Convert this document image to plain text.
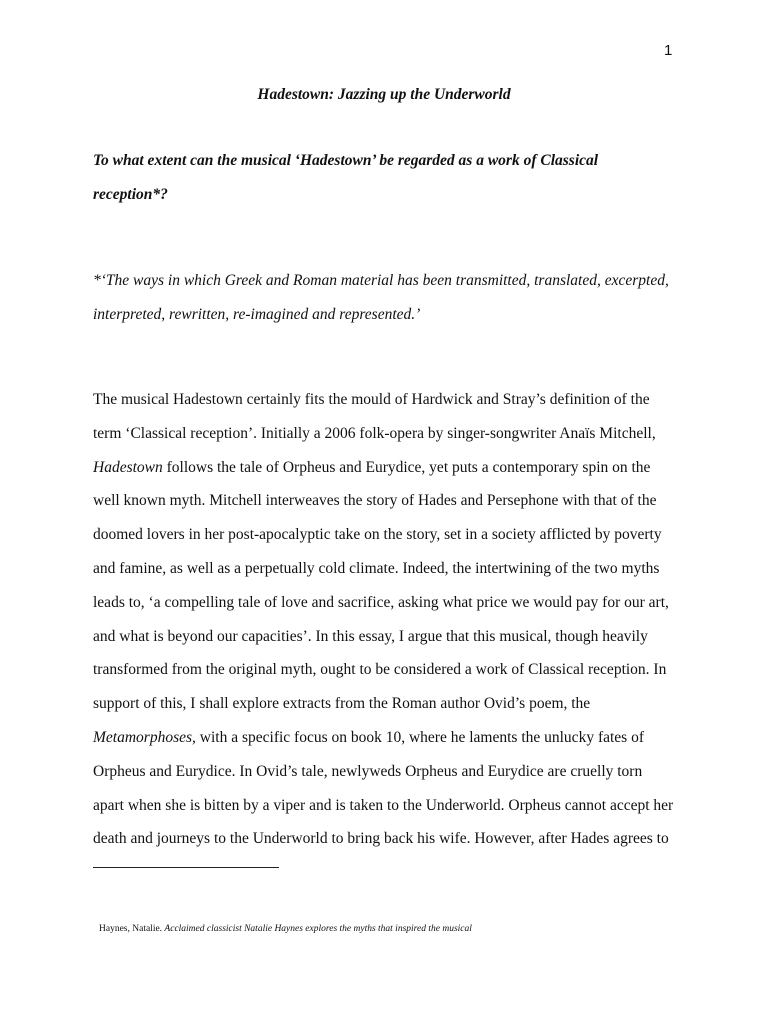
1
Hadestown: Jazzing up the Underworld
To what extent can the musical ‘Hadestown’ be regarded as a work of Classical
reception*?
*‘The ways in which Greek and Roman material has been transmitted, translated, excerpted,
interpreted, rewritten, re-imagined and represented.’
The musical Hadestown certainly fits the mould of Hardwick and Stray’s definition of the
term ‘Classical reception’. Initially a 2006 folk-opera by singer-songwriter Anaïs Mitchell,
Hadestown follows the tale of Orpheus and Eurydice, yet puts a contemporary spin on the
well known myth. Mitchell interweaves the story of Hades and Persephone with that of the
doomed lovers in her post-apocalyptic take on the story, set in a society afflicted by poverty
and famine, as well as a perpetually cold climate. Indeed, the intertwining of the two myths
leads to, ‘a compelling tale of love and sacrifice, asking what price we would pay for our art,
and what is beyond our capacities’. In this essay, I argue that this musical, though heavily
transformed from the original myth, ought to be considered a work of Classical reception. In
support of this, I shall explore extracts from the Roman author Ovid’s poem, the
Metamorphoses, with a specific focus on book 10, where he laments the unlucky fates of
Orpheus and Eurydice. In Ovid’s tale, newlyweds Orpheus and Eurydice are cruelly torn
apart when she is bitten by a viper and is taken to the Underworld. Orpheus cannot accept her
death and journeys to the Underworld to bring back his wife. However, after Hades agrees to
Haynes, Natalie. Acclaimed classicist Natalie Haynes explores the myths that inspired the musical
